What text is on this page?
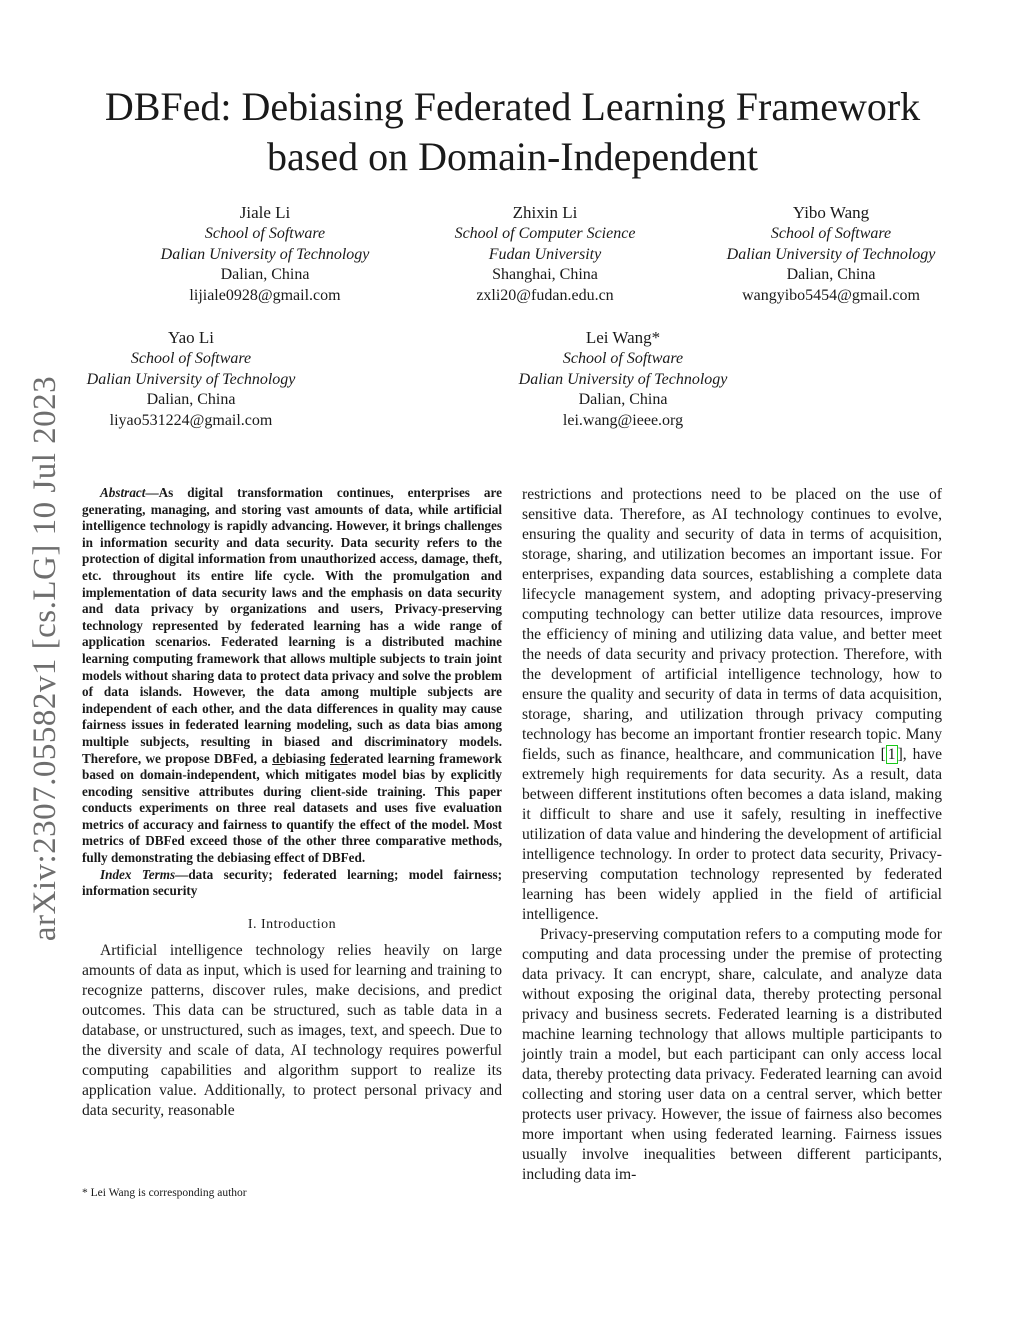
arXiv:2307.05582v1 [cs.LG] 10 Jul 2023
DBFed: Debiasing Federated Learning Framework based on Domain-Independent
Jiale Li
School of Software
Dalian University of Technology
Dalian, China
lijiale0928@gmail.com
Zhixin Li
School of Computer Science
Fudan University
Shanghai, China
zxli20@fudan.edu.cn
Yibo Wang
School of Software
Dalian University of Technology
Dalian, China
wangyibo5454@gmail.com
Yao Li
School of Software
Dalian University of Technology
Dalian, China
liyao531224@gmail.com
Lei Wang*
School of Software
Dalian University of Technology
Dalian, China
lei.wang@ieee.org

Abstract—As digital transformation continues, enterprises are generating, managing, and storing vast amounts of data, while artificial intelligence technology is rapidly advancing. However, it brings challenges in information security and data security. Data security refers to the protection of digital information from unauthorized access, damage, theft, etc. throughout its entire life cycle. With the promulgation and implementation of data security laws and the emphasis on data security and data privacy by organizations and users, Privacy-preserving technology represented by federated learning has a wide range of application scenarios. Federated learning is a distributed machine learning computing framework that allows multiple subjects to train joint models without sharing data to protect data privacy and solve the problem of data islands. However, the data among multiple subjects are independent of each other, and the data differences in quality may cause fairness issues in federated learning modeling, such as data bias among multiple subjects, resulting in biased and discriminatory models. Therefore, we propose DBFed, a debiasing federated learning framework based on domain-independent, which mitigates model bias by explicitly encoding sensitive attributes during client-side training. This paper conducts experiments on three real datasets and uses five evaluation metrics of accuracy and fairness to quantify the effect of the model. Most metrics of DBFed exceed those of the other three comparative methods, fully demonstrating the debiasing effect of DBFed.

Index Terms—data security; federated learning; model fairness; information security

I. Introduction

Artificial intelligence technology relies heavily on large amounts of data as input, which is used for learning and training to recognize patterns, discover rules, make decisions, and predict outcomes. This data can be structured, such as table data in a database, or unstructured, such as images, text, and speech. Due to the diversity and scale of data, AI technology requires powerful computing capabilities and algorithm support to realize its application value. Additionally, to protect personal privacy and data security, reasonable

restrictions and protections need to be placed on the use of sensitive data. Therefore, as AI technology continues to evolve, ensuring the quality and security of data in terms of acquisition, storage, sharing, and utilization becomes an important issue. For enterprises, expanding data sources, establishing a complete data lifecycle management system, and adopting privacy-preserving computing technology can better utilize data resources, improve the efficiency of mining and utilizing data value, and better meet the needs of data security and privacy protection. Therefore, with the development of artificial intelligence technology, how to ensure the quality and security of data in terms of data acquisition, storage, sharing, and utilization through privacy computing technology has become an important frontier research topic. Many fields, such as finance, healthcare, and communication [ 1 ], have extremely high requirements for data security. As a result, data between different institutions often becomes a data island, making it difficult to share and use it safely, resulting in ineffective utilization of data value and hindering the development of artificial intelligence technology. In order to protect data security, Privacy-preserving computation technology represented by federated learning has been widely applied in the field of artificial intelligence.

Privacy-preserving computation refers to a computing mode for computing and data processing under the premise of protecting data privacy. It can encrypt, share, calculate, and analyze data without exposing the original data, thereby protecting personal privacy and business secrets. Federated learning is a distributed machine learning technology that allows multiple participants to jointly train a model, but each participant can only access local data, thereby protecting data privacy. Federated learning can avoid collecting and storing user data on a central server, which better protects user privacy. However, the issue of fairness also becomes more important when using federated learning. Fairness issues usually involve inequalities between different participants, including data im-

* Lei Wang is corresponding author
